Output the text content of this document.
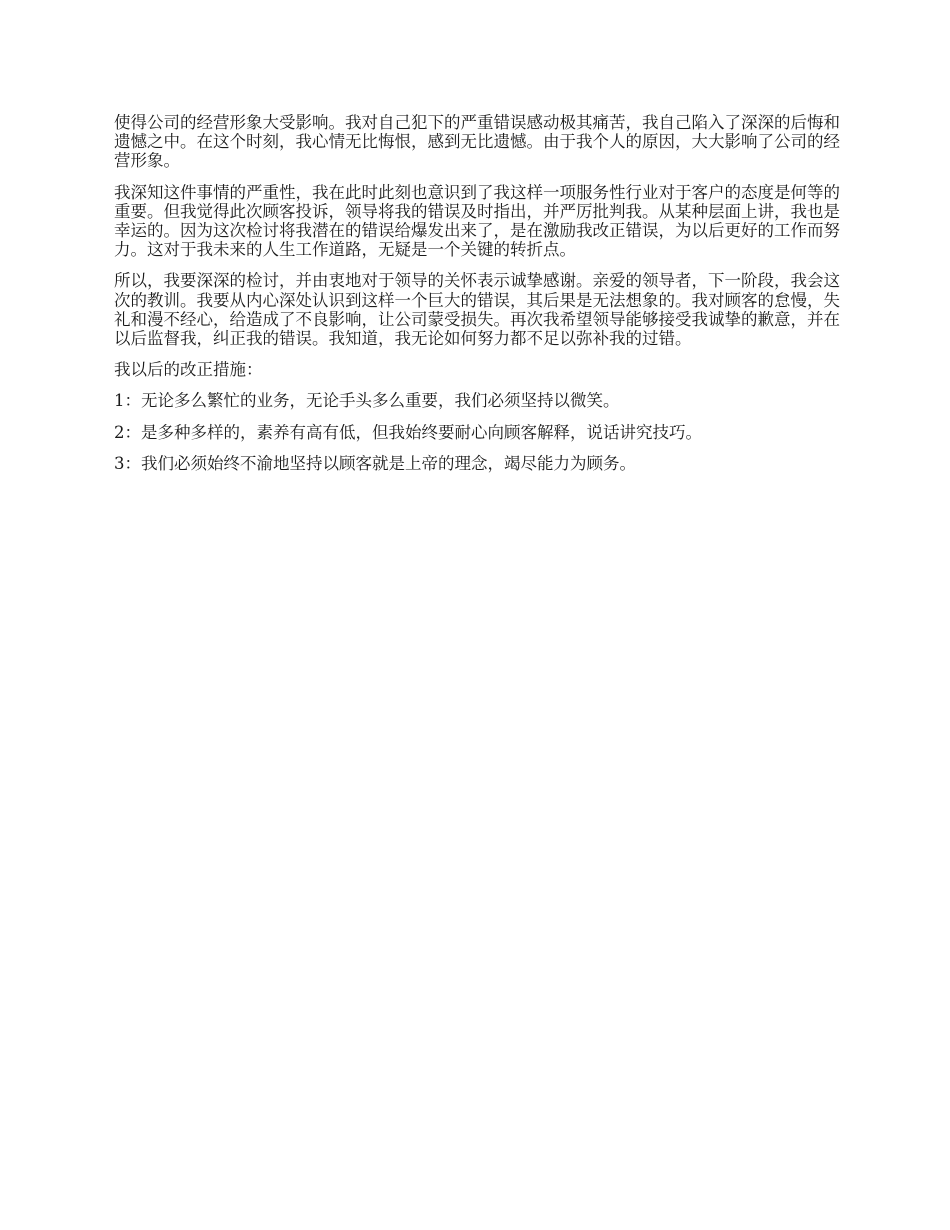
使得公司的经营形象大受影响。我对自己犯下的严重错误感动极其痛苦，我自己陷入了深深的后悔和遗憾之中。在这个时刻，我心情无比悔恨，感到无比遗憾。由于我个人的原因，大大影响了公司的经营形象。

我深知这件事情的严重性，我在此时此刻也意识到了我这样一项服务性行业对于客户的态度是何等的重要。但我觉得此次顾客投诉，领导将我的错误及时指出，并严厉批判我。从某种层面上讲，我也是幸运的。因为这次检讨将我潜在的错误给爆发出来了，是在激励我改正错误，为以后更好的工作而努力。这对于我未来的人生工作道路，无疑是一个关键的转折点。

所以，我要深深的检讨，并由衷地对于领导的关怀表示诚挚感谢。亲爱的领导者，下一阶段，我会这次的教训。我要从内心深处认识到这样一个巨大的错误，其后果是无法想象的。我对顾客的怠慢，失礼和漫不经心，给造成了不良影响，让公司蒙受损失。再次我希望领导能够接受我诚挚的歉意，并在以后监督我，纠正我的错误。我知道，我无论如何努力都不足以弥补我的过错。

我以后的改正措施：

1：无论多么繁忙的业务，无论手头多么重要，我们必须坚持以微笑。

2：是多种多样的，素养有高有低，但我始终要耐心向顾客解释，说话讲究技巧。

3：我们必须始终不渝地坚持以顾客就是上帝的理念，竭尽能力为顾务。
